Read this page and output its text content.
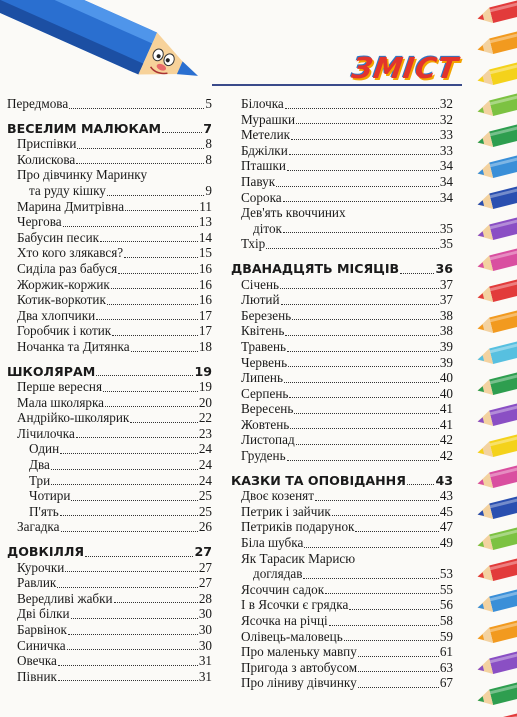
ЗМІСТ
Передмова	5
ВЕСЕЛИМ МАЛЮКАМ	7
Приспівки	8
Колискова	8
Про дівчинку Маринку
та руду кішку	9
Марина Дмитрівна	11
Чергова	13
Бабусин песик	14
Хто кого злякався?	15
Сиділа раз бабуся	16
Жоржик-коржик	16
Котик-воркотик	16
Два хлопчики	17
Горобчик і котик	17
Ночанка та Дитянка	18
ШКОЛЯРАМ	19
Перше вересня	19
Мала школярка	20
Андрійко-школярик	22
Лічилочка	23
Один	24
Два	24
Три	24
Чотири	25
П'ять	25
Загадка	26
ДОВКІЛЛЯ	27
Курочки	27
Равлик	27
Вередливі жабки	28
Дві білки	30
Барвінок	30
Синичка	30
Овечка	31
Півник	31
Білочка	32
Мурашки	32
Метелик	33
Бджілки	33
Пташки	34
Павук	34
Сорока	34
Дев'ять квоччиних
діток	35
Тхір	35
ДВАНАДЦЯТЬ МІСЯЦІВ	36
Січень	37
Лютий	37
Березень	38
Квітень	38
Травень	39
Червень	39
Липень	40
Серпень	40
Вересень	41
Жовтень	41
Листопад	42
Грудень	42
КАЗКИ ТА ОПОВІДАННЯ 43
Двоє козенят	43
Петрик і зайчик	45
Петриків подарунок	47
Біла шубка	49
Як Тарасик Марисю
доглядав	53
Ясоччин садок	55
І в Ясочки є грядка	56
Ясочка на річці	58
Олівець-маловець	59
Про маленьку мавпу	61
Пригода з автобусом	63
Про ліниву дівчинку	67
